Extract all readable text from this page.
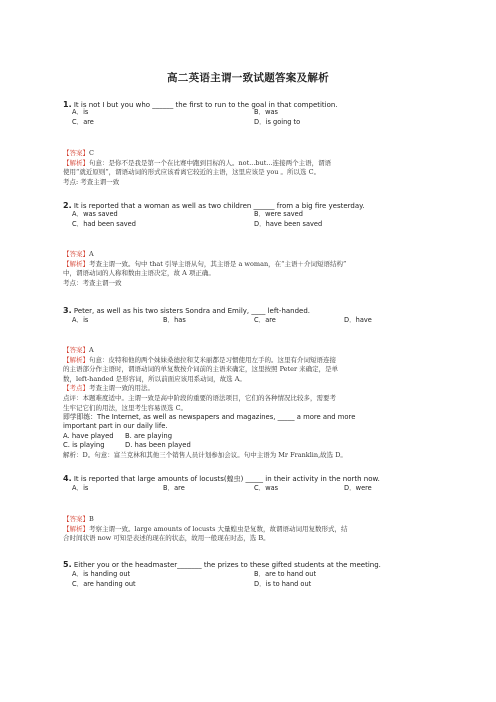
高二英语主谓一致试题答案及解析
1. It is not I but you who ______ the first to run to the goal in that competition.
A．is	B．was
C．are	D．is going to
【答案】C
【解析】句意：是你不是我是第一个在比赛中跑到目标的人。not...but...连接两个主语，谓语
使用“就近原则”，谓语动词的形式应该看离它较近的主语，这里应该是 you 。所以选 C。
考点: 考查主谓一致
2. It is reported that a woman as well as two children ______ from a big fire yesterday.
A．was saved	B．were saved
C．had been saved	D．have been saved
【答案】A
【解析】考查主谓一致。句中 that 引导主语从句，其主语是 a woman，在“主语＋介词短语结构”
中，谓语动词的人称和数由主语决定，故 A 项正确。
考点：考查主谓一致
3. Peter, as well as his two sisters Sondra and Emily, ____ left-handed.
A．is	B．has	C．are	D．have
【答案】A
【解析】句意：皮特和他的两个妹妹桑德拉和艾米丽都是习惯使用左手的。这里有介词短语连接
的主语部分作主语时，谓语动词的单复数按介词前的主语来确定，这里按照 Peter 来确定，是单
数，left-handed 是形容词，所以前面应该用系动词，故选 A。
【考点】考查主谓一致的用法。
点评：本题难度适中。主谓一致是高中阶段的重要的语法项目，它们的各种情况比较多，需要考
生牢记它们的用法，这里考生容易误选 C。
即学即练：The Internet, as well as newspapers and magazines, _____ a more and more
important part in our daily life.
A. have played B. are playing
C. is playing	D. has been played
解析：D。句意：富兰克林和其他三个销售人员计划参加会议。句中主语为 Mr Franklin,故选 D。
4. It is reported that large amounts of locusts(蝗虫) _____ in their activity in the north now.
A．is	B．are	C．was	D．were
【答案】B
【解析】考察主谓一致。large amounts of locusts 大量蝗虫是复数，故谓语动词用复数形式，结
合时间状语 now 可知是表述的现在的状态，故用一般现在时态，选 B。
5. Either you or the headmaster_______ the prizes to these gifted students at the meeting.
A．is handing out	B．are to hand out
C．are handing out	D．is to hand out
